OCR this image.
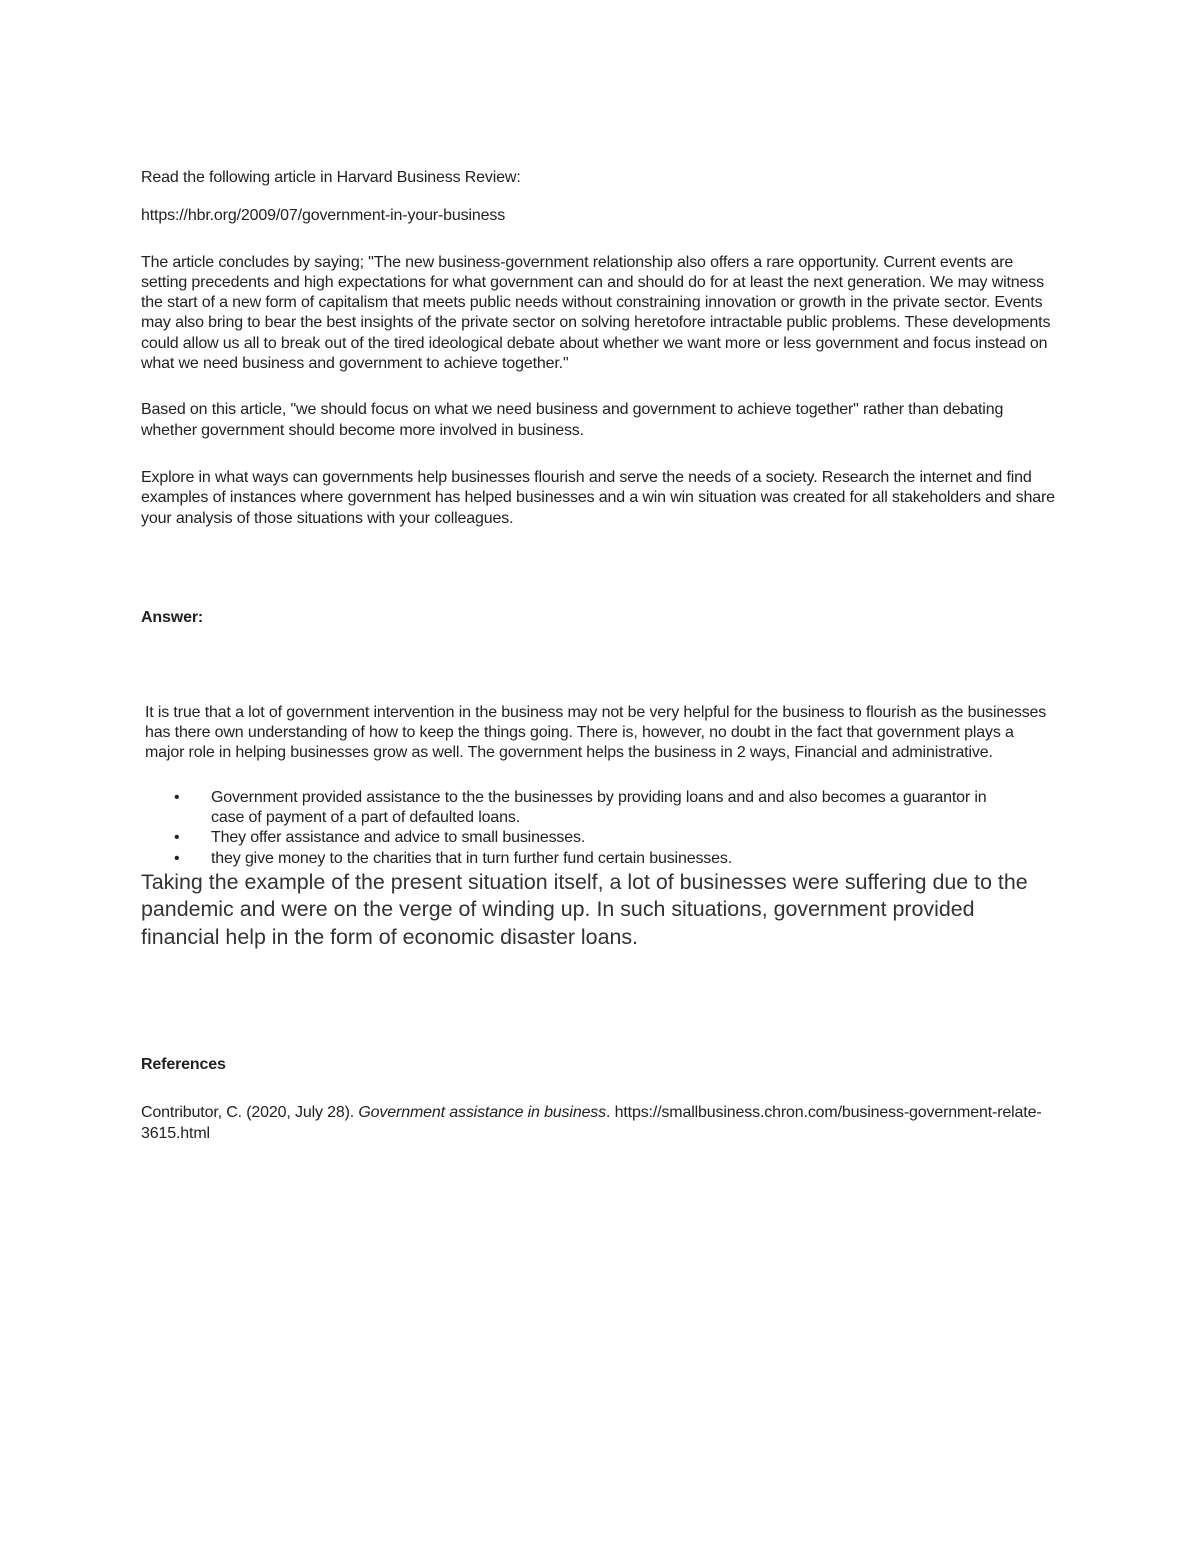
Read the following article in Harvard Business Review:

https://hbr.org/2009/07/government-in-your-business

The article concludes by saying; "The new business-government relationship also offers a rare opportunity. Current events are setting precedents and high expectations for what government can and should do for at least the next generation. We may witness the start of a new form of capitalism that meets public needs without constraining innovation or growth in the private sector. Events may also bring to bear the best insights of the private sector on solving heretofore intractable public problems. These developments could allow us all to break out of the tired ideological debate about whether we want more or less government and focus instead on what we need business and government to achieve together."

Based on this article, "we should focus on what we need business and government to achieve together" rather than debating whether government should become more involved in business.

Explore in what ways can governments help businesses flourish and serve the needs of a society. Research the internet and find examples of instances where government has helped businesses and a win win situation was created for all stakeholders and share your analysis of those situations with your colleagues.

Answer:

It is true that a lot of government intervention in the business may not be very helpful for the business to flourish as the businesses has there own understanding of how to keep the things going. There is, however, no doubt in the fact that government plays a major role in helping businesses grow as well. The government helps the business in 2 ways, Financial and administrative.

• Government provided assistance to the the businesses by providing loans and and also becomes a guarantor in case of payment of a part of defaulted loans.
• They offer assistance and advice to small businesses.
• they give money to the charities that in turn further fund certain businesses.

Taking the example of the present situation itself, a lot of businesses were suffering due to the pandemic and were on the verge of winding up. In such situations, government provided financial help in the form of economic disaster loans.

References

Contributor, C. (2020, July 28). Government assistance in business. https://smallbusiness.chron.com/business-government-relate-3615.html
